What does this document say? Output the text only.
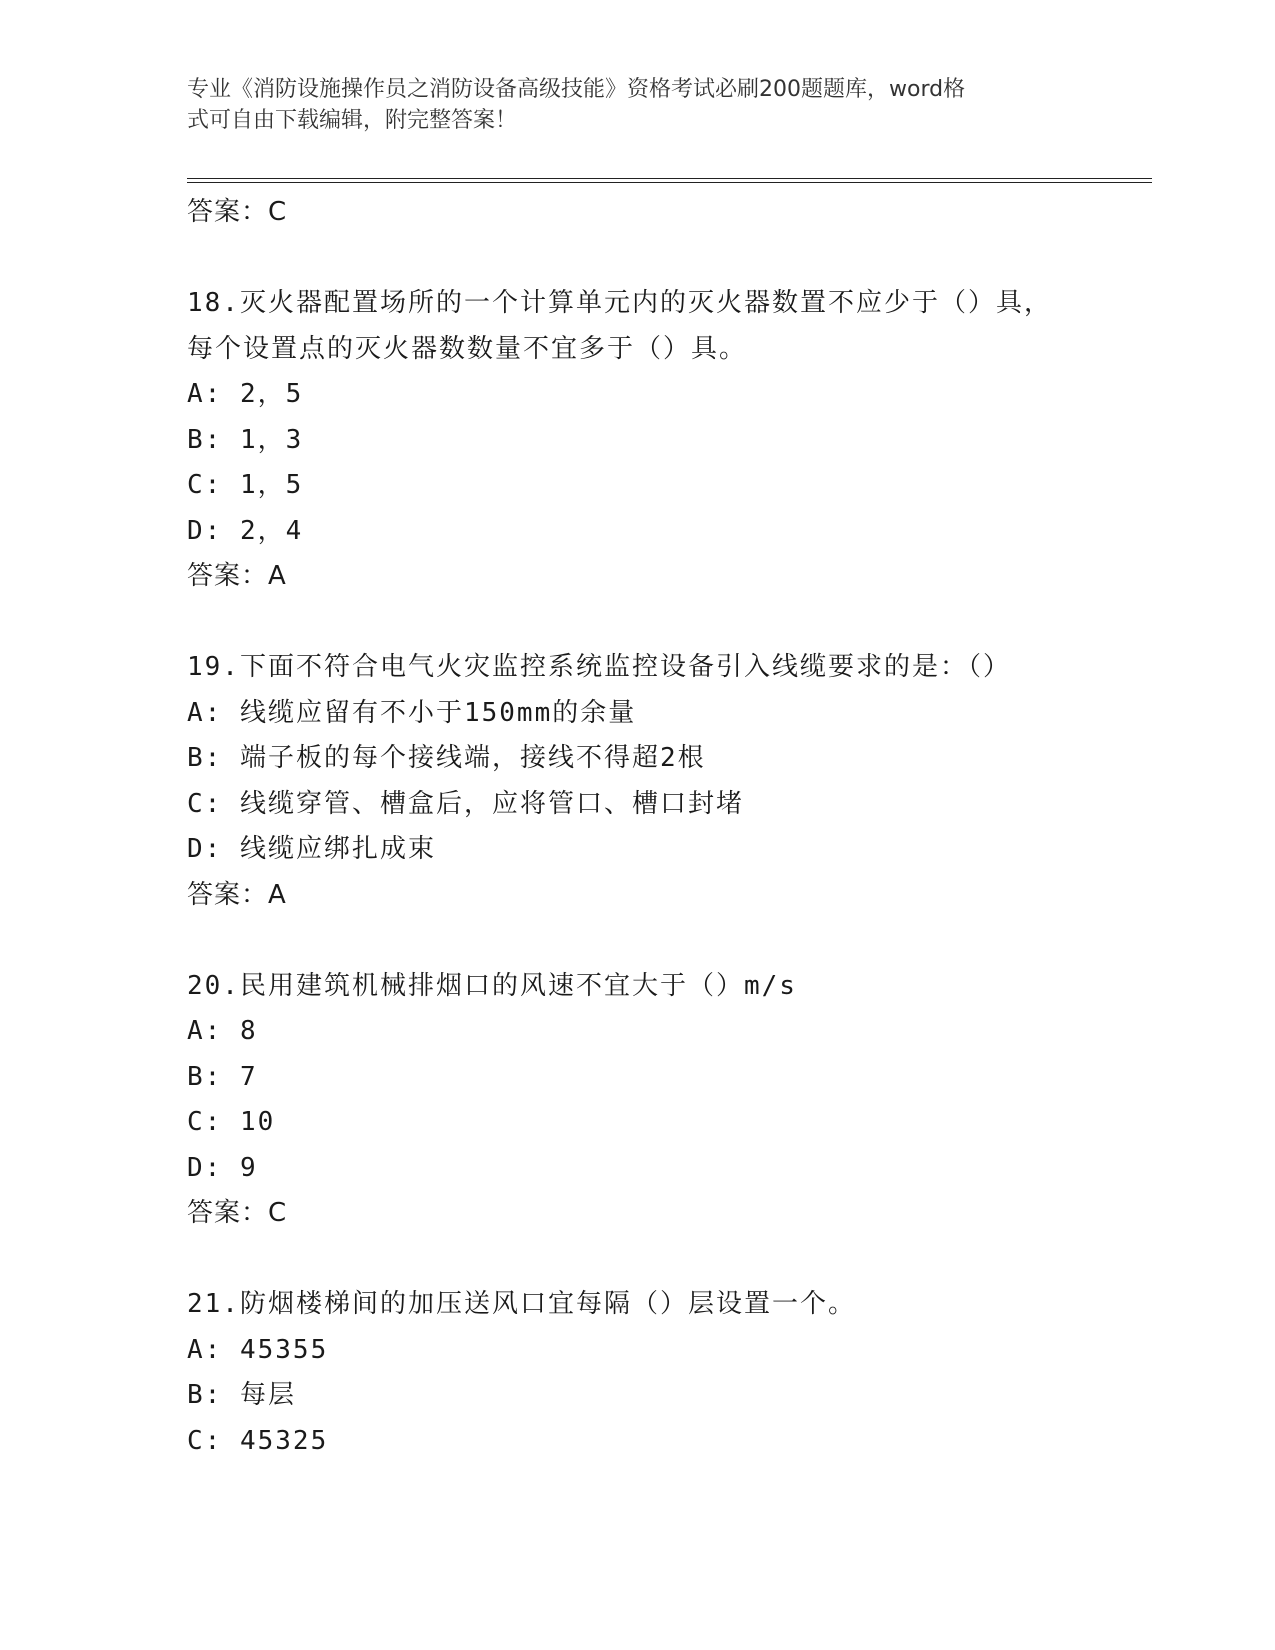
专业《消防设施操作员之消防设备高级技能》资格考试必刷200题题库，word格
式可自由下载编辑，附完整答案！
答案：C
18.灭火器配置场所的一个计算单元内的灭火器数置不应少于（）具，
每个设置点的灭火器数数量不宜多于（）具。
A: 2，5
B: 1，3
C: 1，5
D: 2，4
答案：A
19.下面不符合电气火灾监控系统监控设备引入线缆要求的是：（）
A: 线缆应留有不小于150mm的余量
B: 端子板的每个接线端，接线不得超2根
C: 线缆穿管、槽盒后，应将管口、槽口封堵
D: 线缆应绑扎成束
答案：A
20.民用建筑机械排烟口的风速不宜大于（）m/s
A: 8
B: 7
C: 10
D: 9
答案：C
21.防烟楼梯间的加压送风口宜每隔（）层设置一个。
A: 45355
B: 每层
C: 45325
